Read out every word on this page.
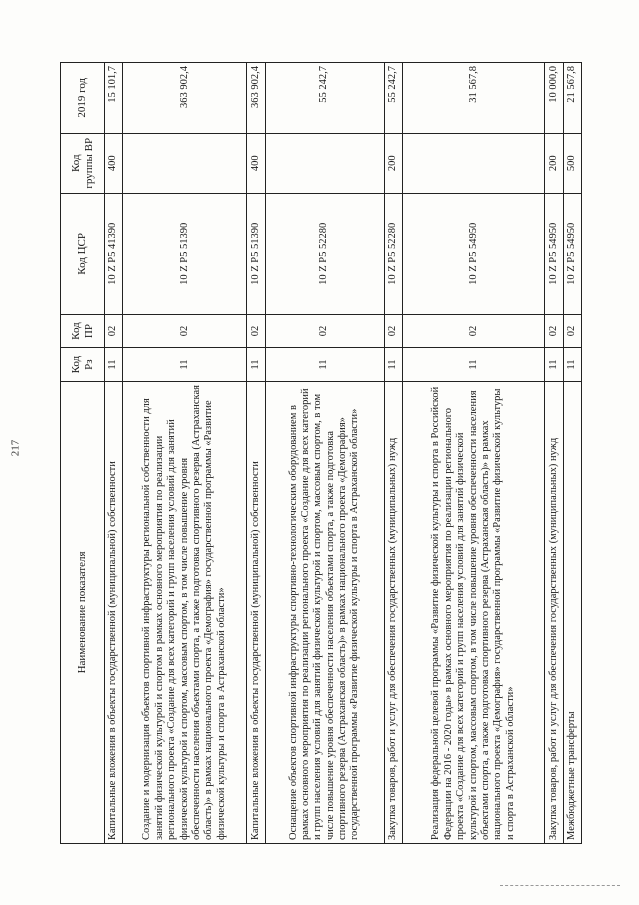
217
Наименование показателя	Код Рз	Код ПР	Код ЦСР	Код группы ВР	2019 год
Капитальные вложения в объекты государственной (муниципальной) собственности	11	02	10 Z P5 41390	400	15 101,7
Создание и модернизация объектов спортивной инфраструктуры региональной собственности для занятий физической культурой и спортом в рамках основного мероприятия по реализации регионального проекта «Создание для всех категорий и групп населения условий для занятий физической культурой и спортом, массовым спортом, в том числе повышение уровня обеспеченности населения объектами спорта, а также подготовка спортивного резерва (Астраханская область)» в рамках национального проекта «Демография» государственной программы «Развитие физической культуры и спорта в Астраханской области»	11	02	10 Z P5 51390		363 902,4
Капитальные вложения в объекты государственной (муниципальной) собственности	11	02	10 Z P5 51390	400	363 902,4
Оснащение объектов спортивной инфраструктуры спортивно-технологическим оборудованием в рамках основного мероприятия по реализации регионального проекта «Создание для всех категорий и групп населения условий для занятий физической культурой и спортом, массовым спортом, в том числе повышение уровня обеспеченности населения объектами спорта, а также подготовка спортивного резерва (Астраханская область)» в рамках национального проекта «Демография» государственной программы «Развитие физической культуры и спорта в Астраханской области»	11	02	10 Z P5 52280		55 242,7
Закупка товаров, работ и услуг для обеспечения государственных (муниципальных) нужд	11	02	10 Z P5 52280	200	55 242,7
Реализация федеральной целевой программы «Развитие физической культуры и спорта в Российской Федерации на 2016 - 2020 годы» в рамках основного мероприятия по реализации регионального проекта «Создание для всех категорий и групп населения условий для занятий физической культурой и спортом, массовым спортом, в том числе повышение уровня обеспеченности населения объектами спорта, а также подготовка спортивного резерва (Астраханская область)» в рамках национального проекта «Демография» государственной программы «Развитие физической культуры и спорта в Астраханской области»	11	02	10 Z P5 54950		31 567,8
Закупка товаров, работ и услуг для обеспечения государственных (муниципальных) нужд	11	02	10 Z P5 54950	200	10 000,0
Межбюджетные трансферты	11	02	10 Z P5 54950	500	21 567,8
